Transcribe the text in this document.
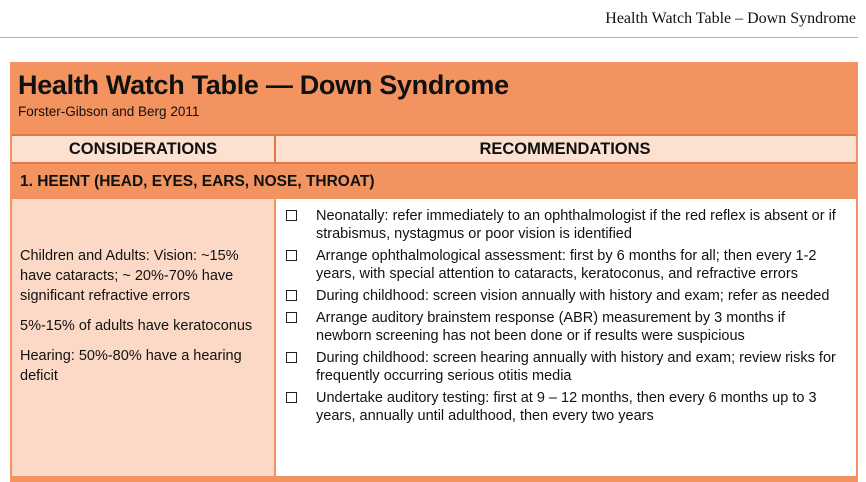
Health Watch Table – Down Syndrome
Health Watch Table — Down Syndrome
Forster-Gibson and Berg 2011
CONSIDERATIONS	RECOMMENDATIONS
1. HEENT (HEAD, EYES, EARS, NOSE, THROAT)

Children and Adults: Vision: ~15% have cataracts; ~ 20%-70% have significant refractive errors

5%-15% of adults have keratoconus

Hearing: 50%-80% have a hearing deficit

Neonatally: refer immediately to an ophthalmologist if the red reflex is absent or if strabismus, nystagmus or poor vision is identified
Arrange ophthalmological assessment: first by 6 months for all; then every 1-2 years, with special attention to cataracts, keratoconus, and refractive errors
During childhood: screen vision annually with history and exam; refer as needed
Arrange auditory brainstem response (ABR) measurement by 3 months if newborn screening has not been done or if results were suspicious
During childhood: screen hearing annually with history and exam; review risks for frequently occurring serious otitis media
Undertake auditory testing: first at 9 – 12 months, then every 6 months up to 3 years, annually until adulthood, then every two years
